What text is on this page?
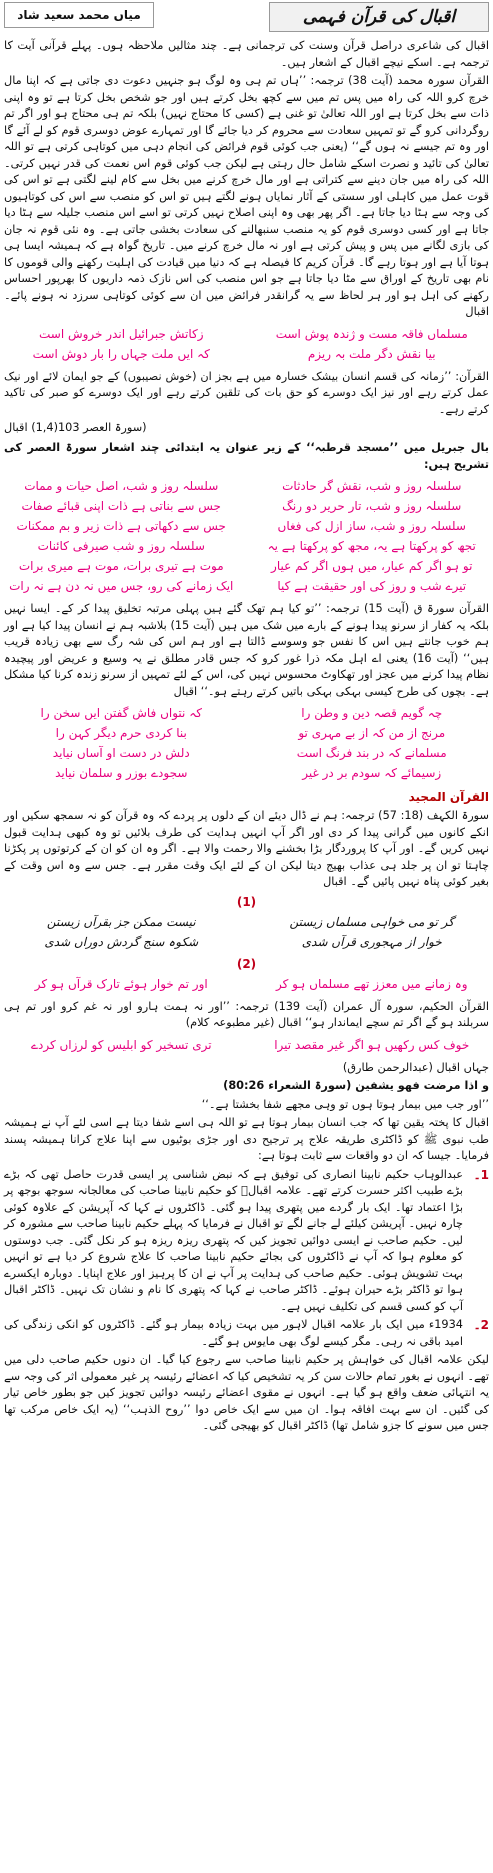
اقبال کی قرآن فہمی
میاں محمد سعید شاد

اقبال کی شاعری دراصل قرآن وسنت کی ترجمانی ہے۔ چند مثالیں ملاحظہ ہوں۔ پہلے قرآنی آیت کا ترجمہ ہے۔ اسکے نیچے اقبال کے اشعار ہیں۔

القرآن سورہ محمد (آیت 38) ترجمہ: ’’ہاں تم ہی وہ لوگ ہو جنہیں دعوت دی جاتی ہے کہ اپنا مال خرچ کرو اللہ کی راہ میں پس تم میں سے کچھ بخل کرتے ہیں اور جو شخص بخل کرتا ہے تو وہ اپنی ذات سے بخل کرتا ہے اور اللہ تعالیٰ تو غنی ہے (کسی کا محتاج نہیں) بلکہ تم ہی محتاج ہو اور اگر تم روگردانی کرو گے تو تمہیں سعادت سے محروم کر دیا جائے گا اور تمہارے عوض دوسری قوم کو لے آئے گا اور وہ تم جیسے نہ ہوں گے‘‘ (یعنی جب کوئی قوم فرائض کی انجام دہی میں کوتاہی کرتی ہے تو اللہ تعالیٰ کی تائید و نصرت اسکے شامل حال رہتی ہے لیکن جب کوئی قوم اس نعمت کی قدر نہیں کرتی۔ اللہ کی راہ میں جان دینے سے کتراتی ہے اور مال خرچ کرنے میں بخل سے کام لینے لگتی ہے تو اس کی قوت عمل میں کاہلی اور سستی کے آثار نمایاں ہونے لگتے ہیں تو اس کو منصب سے اس کی کوتاہیوں کی وجہ سے ہٹا دیا جاتا ہے۔ اگر پھر بھی وہ اپنی اصلاح نہیں کرتی تو اسے اس منصب جلیلہ سے ہٹا دیا جاتا ہے اور کسی دوسری قوم کو یہ منصب سنبھالنے کی سعادت بخشی جاتی ہے۔ وہ نئی قوم نہ جان کی بازی لگانے میں پس و پیش کرتی ہے اور نہ مال خرچ کرنے میں۔ تاریخ گواہ ہے کہ ہمیشہ ایسا ہی ہوتا آیا ہے اور ہوتا رہے گا۔ قرآن کریم کا فیصلہ ہے کہ دنیا میں قیادت کی اہلیت رکھنے والی قوموں کا نام بھی تاریخ کے اوراق سے مٹا دیا جاتا ہے جو اس منصب کی اس نازک ذمہ داریوں کا بھرپور احساس رکھنے کی اہل ہو اور ہر لحاظ سے یہ گرانقدر فرائض میں ان سے کوئی کوتاہی سرزد نہ ہونے پائے۔ اقبال

مسلماں فاقہ مست و ژندہ پوش است
زکاتش جبرائیل اندر خروش است
بیا نقش دگر ملت بہ ریزم
کہ ایں ملت جہاں را بار دوش است

القرآن: ’’زمانہ کی قسم انسان بیشک خسارہ میں ہے بجز ان (خوش نصیبوں) کے جو ایمان لائے اور نیک عمل کرتے رہے اور نیز ایک دوسرے کو حق بات کی تلقین کرتے رہے اور ایک دوسرے کو صبر کی تاکید کرتے رہے۔

(سورۃ العصر 103(1,4) اقبال

بال جبریل میں ’’مسجد قرطبہ‘‘ کے زیر عنوان یہ ابتدائی چند اشعار سورۃ العصر کی تشریح ہیں:

سلسلہ روز و شب، نقش گر حادثات
سلسلہ روز و شب، اصل حیات و ممات
سلسلہ روز و شب، تار حریر دو رنگ
جس سے بناتی ہے ذات اپنی قبائے صفات
سلسلہ روز و شب، ساز ازل کی فغاں
جس سے دکھاتی ہے ذات زیر و بم ممکنات
تجھ کو پرکھتا ہے یہ، مجھ کو پرکھتا ہے یہ
سلسلہ روز و شب صیرفی کائنات
تو ہو اگر کم عیار، میں ہوں اگر کم عیار
موت ہے تیری برات، موت ہے میری برات
تیرے شب و روز کی اور حقیقت ہے کیا
ایک زمانے کی رو، جس میں نہ دن ہے نہ رات

القرآن سورۃ ق (آیت 15) ترجمہ: ’’تو کیا ہم تھک گئے ہیں پہلی مرتبہ تخلیق پیدا کر کے۔ ایسا نہیں بلکہ یہ کفار از سرنو پیدا ہونے کے بارے میں شک میں ہیں (آیت 15) بلاشبہ ہم نے انسان پیدا کیا ہے اور ہم خوب جانتے ہیں اس کا نفس جو وسوسے ڈالتا ہے اور ہم اس کی شہ رگ سے بھی زیادہ قریب ہیں‘‘ (آیت 16) یعنی اے اہل مکہ ذرا غور کرو کہ جس قادر مطلق نے یہ وسیع و عریض اور پیچیدہ نظام پیدا کرنے میں عجز اور تھکاوٹ محسوس نہیں کی، اس کے لئے تمہیں از سرنو زندہ کرنا کیا مشکل ہے۔ بچوں کی طرح کیسی بہکی بہکی باتیں کرتے رہتے ہو۔‘‘ اقبال

چہ گویم قصہ دین و وطن را
کہ نتواں فاش گفتن ایں سخن را
مرنج از من کہ از بے مہری تو
بنا کردی حرم دیگر کہن را
مسلمانے کہ در بند فرنگ است
دلش در دست او آساں نیاید
زسیمائے کہ سودم بر در غیر
سجودے بوزر و سلمان نیاید
القرآن المجید

سورۃ الکہف (18: 57) ترجمہ: ہم نے ڈال دیئے ان کے دلوں پر پردے کہ وہ قرآن کو نہ سمجھ سکیں اور انکے کانوں میں گرانی پیدا کر دی اور اگر آپ انہیں ہدایت کی طرف بلائیں تو وہ کبھی ہدایت قبول نہیں کریں گے۔ اور آپ کا پروردگار بڑا بخشنے والا رحمت والا ہے۔ اگر وہ ان کو ان کے کرتوتوں پر پکڑنا چاہتا تو ان پر جلد ہی عذاب بھیج دیتا لیکن ان کے لئے ایک وقت مقرر ہے۔ جس سے وہ اس وقت کے بغیر کوئی پناہ نہیں پائیں گے۔ اقبال

(1)
گر تو می خواہی مسلماں زیستن
نیست ممکن جز بقرآں زیستن
خوار از مہجوری قرآں شدی
شکوہ سنج گردش دوراں شدی
(2)
وہ زمانے میں معزز تھے مسلماں ہو کر
اور تم خوار ہوئے تارک قرآں ہو کر

القرآن الحکیم، سورہ آل عمران (آیت 139) ترجمہ: ’’اور نہ ہمت ہارو اور نہ غم کرو اور تم ہی سربلند ہو گے اگر تم سچے ایماندار ہو‘‘ اقبال (غیر مطبوعہ کلام)

خوف کس رکھیں ہو اگر غیر مقصد تیرا
تری تسخیر کو ابلیس کو لرزاں کردے

جہاں اقبال (عبدالرحمن طارق)

و اذا مرضت فھو یشفین (سورۃ الشعراء 80:26)

’’اور جب میں بیمار ہوتا ہوں تو وہی مجھے شفا بخشتا ہے۔‘‘

اقبال کا پختہ یقین تھا کہ جب انسان بیمار ہوتا ہے تو اللہ ہی اسے شفا دیتا ہے اسی لئے آپ نے ہمیشہ طب نبوی ﷺ کو ڈاکٹری طریقہ علاج پر ترجیح دی اور جڑی بوٹیوں سے اپنا علاج کرانا ہمیشہ پسند فرمایا۔ جیسا کہ ان دو واقعات سے ثابت ہوتا ہے:

1۔
عبدالوہاب حکیم نابینا انصاری کی توفیق ہے کہ نبض شناسی پر ایسی قدرت حاصل تھی کہ بڑے بڑے طبیب اکثر حسرت کرتے تھے۔ علامہ اقبالؒ کو حکیم نابینا صاحب کی معالجانہ سوجھ بوجھ پر بڑا اعتماد تھا۔ ایک بار گردے میں پتھری پیدا ہو گئی۔ ڈاکٹروں نے کہا کہ آپریشن کے علاوہ کوئی چارہ نہیں۔ آپریشن کیلئے لے جانے لگے تو اقبال نے فرمایا کہ پہلے حکیم نابینا صاحب سے مشورہ کر لیں۔ حکیم صاحب نے ایسی دوائیں تجویز کیں کہ پتھری ریزہ ریزہ ہو کر نکل گئی۔ جب دوستوں کو معلوم ہوا کہ آپ نے ڈاکٹروں کی بجائے حکیم نابینا صاحب کا علاج شروع کر دیا ہے تو انہیں بہت تشویش ہوئی۔ حکیم صاحب کی ہدایت پر آپ نے ان کا پرہیز اور علاج اپنایا۔ دوبارہ ایکسرے ہوا تو ڈاکٹر بڑے حیران ہوئے۔ ڈاکٹر صاحب نے کہا کہ پتھری کا نام و نشان تک نہیں۔ ڈاکٹر اقبال آپ کو کسی قسم کی تکلیف نہیں ہے۔
2۔
1934ء میں ایک بار علامہ اقبال لاہور میں بہت زیادہ بیمار ہو گئے۔ ڈاکٹروں کو انکی زندگی کی امید باقی نہ رہی۔ مگر کیسے لوگ بھی مایوس ہو گئے۔

لیکن علامہ اقبال کی خواہش پر حکیم نابینا صاحب سے رجوع کیا گیا۔ ان دنوں حکیم صاحب دلی میں تھے۔ انہوں نے بغور تمام حالات سن کر یہ تشخیص کیا کہ اعضائے رئیسہ پر غیر معمولی اثر کی وجہ سے یہ انتہائی ضعف واقع ہو گیا ہے۔ انہوں نے مقوی اعضائے رئیسہ دوائیں تجویز کیں جو بطور خاص تیار کی گئیں۔ ان سے بہت افاقہ ہوا۔ ان میں سے ایک خاص دوا ’’روح الذہب‘‘ (یہ ایک خاص مرکب تھا جس میں سونے کا جزو شامل تھا) ڈاکٹر اقبال کو بھیجی گئی۔
